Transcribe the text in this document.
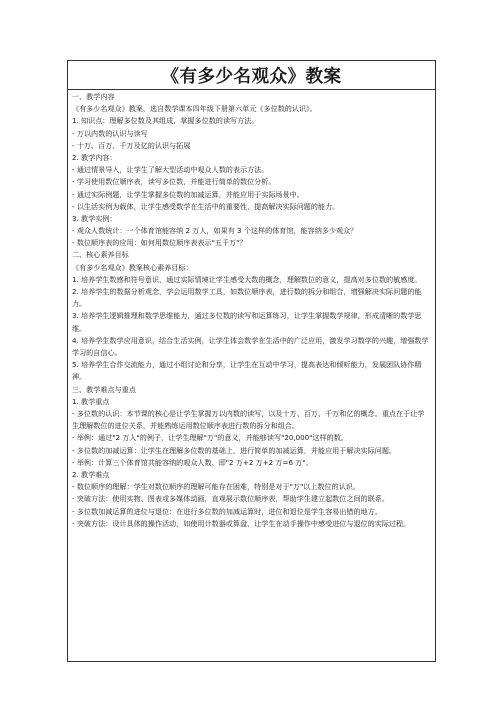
《有多少名观众》教案

一、教学内容

《有多少名观众》教案，选自数学课本四年级下册第六单元《多位数的认识》。

1. 知识点：理解多位数及其组成，掌握多位数的读写方法。

- 万以内数的认识与读写

- 十万、百万、千万及亿的认识与拓展

2. 教学内容：

- 通过情景导入，让学生了解大型活动中观众人数的表示方法。

- 学习使用数位顺序表，读写多位数，并能进行简单的数位分析。

- 通过实际例题，让学生掌握多位数的加减运算，并能应用于实际场景中。

- 以生活实例为载体，让学生感受数学在生活中的重要性，提高解决实际问题的能力。

3. 教学实例：

- 观众人数统计：一个体育馆能容纳 2 万人，如果有 3 个这样的体育馆，能容纳多少观众？

- 数位顺序表的应用：如何用数位顺序表表示"五千万"？

二、核心素养目标

《有多少名观众》教案核心素养目标：

1. 培养学生数感和符号意识，通过实际情境让学生感受大数的概念，理解数位的意义，提高对多位数的敏感度。

2. 培养学生的数据分析观念，学会运用数学工具，如数位顺序表，进行数的拆分和组合，增强解决实际问题的能力。

3. 培养学生逻辑推理和数学思维能力，通过多位数的读写和运算练习，让学生掌握数学规律，形成清晰的数学思维。

4. 培养学生数学应用意识，结合生活实例，让学生体会数学在生活中的广泛应用，激发学习数学的兴趣，增强数学学习的自信心。

5. 培养学生合作交流能力，通过小组讨论和分享，让学生在互动中学习，提高表达和倾听能力，发展团队协作精神。

三、教学难点与重点

1. 教学重点

- 多位数的认识：本节课的核心是让学生掌握万以内数的读写，以及十万、百万、千万和亿的概念。重点在于让学生理解数位的进位关系，并能熟练运用数位顺序表进行数的拆分和组合。

- 举例：通过"2 万人"的例子，让学生理解"万"的意义，并能够读写"20,000"这样的数。

- 多位数的加减运算：让学生在理解多位数的基础上，进行简单的加减运算，并能应用于解决实际问题。

- 举例：计算三个体育馆共能容纳的观众人数，即"2 万+2 万+2 万=6 万"。

2. 教学难点

- 数位顺序的理解：学生对数位顺序的理解可能存在困难，特别是对于"万"以上数位的认识。

- 突破方法：使用实物、图表或多媒体动画，直观展示数位顺序表，帮助学生建立起数位之间的联系。

- 多位数加减运算的进位与退位：在进行多位数的加减运算时，进位和退位是学生容易出错的地方。

- 突破方法：设计具体的操作活动，如使用计数器或算盘，让学生在动手操作中感受进位与退位的实际过程。
